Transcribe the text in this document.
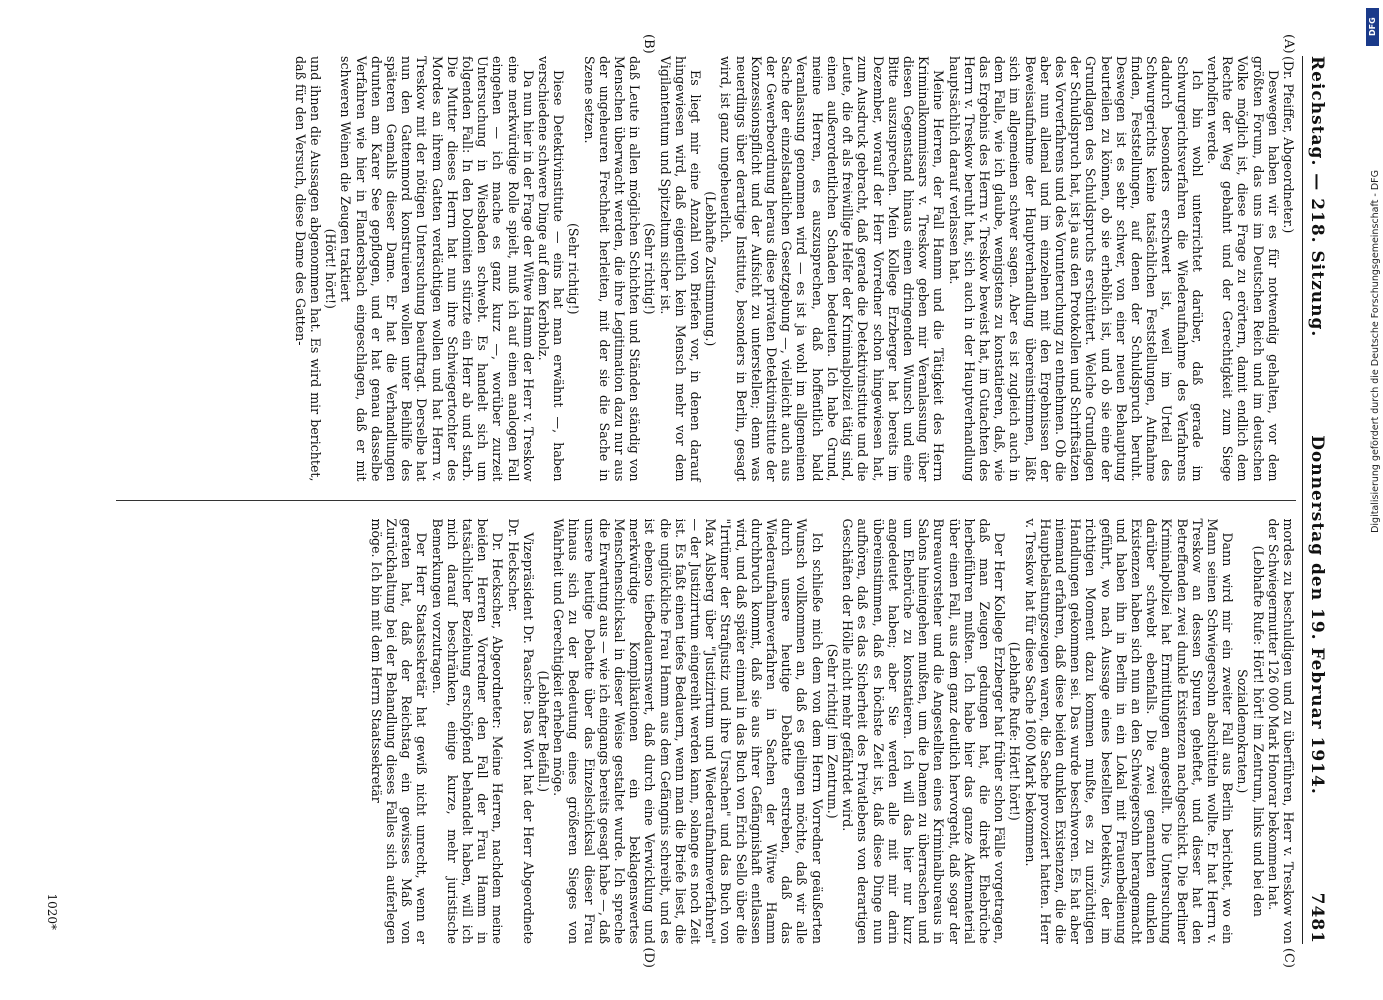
Digitalisierung gefördert durch die Deutsche Forschungsgemeinschaft - DFG
DFG
Reichstag. — 218. Sitzung.
Donnerstag den 19. Februar 1914.
7481

(Dr. Pfeiffer, Abgeordneter.)

Deswegen haben wir es für notwendig gehalten, vor dem größten Forum, das uns im Deutschen Reich und im deutschen Volke möglich ist, diese Frage zu erörtern, damit endlich dem Rechte der Weg gebahnt und der Gerechtigkeit zum Siege verholfen werde.

Ich bin wohl unterrichtet darüber, daß gerade im Schwurgerichtsverfahren die Wiederaufnahme des Verfahrens dadurch besonders erschwert ist, weil im Urteil des Schwurgerichts keine tatsächlichen Feststellungen, Aufnahme finden, Feststellungen, auf denen der Schuldspruch beruht. Deswegen ist es sehr schwer, von einer neuen Behauptung beurteilen zu können, ob sie erheblich ist, und ob sie eine der Grundlagen des Schuldspruchs erschüttert. Welche Grundlagen der Schuldspruch hat, ist ja aus den Protokollen und Schriftsätzen des Vorverfahrens und des Vorunteruchung zu entnehmen. Ob die aber nun allemal und im einzelnen mit den Ergebnissen der Beweisaufnahme der Hauptverhandlung übereinstimmen, läßt sich im allgemeinen schwer sagen. Aber es ist zugleich auch in dem Falle, wie ich glaube, wenigstens zu konstatieren, daß, wie das Ergebnis des Herrn v. Treskow beweist hat, im Gutachten des Herrn v. Treskow beruht hat, sich auch in der Hauptverhandlung hauptsächlich darauf verlassen hat.

Meine Herren, der Fall Hamm und die Tätigkeit des Herrn Kriminalkommissars v. Treskow geben mir Veranlassung über diesen Gegenstand hinaus einen dringenden Wunsch und eine Bitte auszusprechen. Mein Kollege Erzberger hat bereits im Dezember, worauf der Herr Vorredner schon hingewiesen hat, zum Ausdruck gebracht, daß gerade die Detektivinstitute und die Leute, die oft als freiwillige Helfer der Kriminalpolizei tätig sind, einen außerordentlichen Schaden bedeuten. Ich habe Grund, meine Herren, es auszusprechen, daß hoffentlich bald Veranlassung genommen wird — es ist ja wohl im allgemeinen Sache der einzelstaatlichen Gesetzgebung —, vielleicht auch aus der Gewerbeordnung heraus diese privaten Detektivinstitute der Konzessionspflicht und der Aufsicht zu unterstellen; denn was neuerdings über derartige Institute, besonders in Berlin, gesagt wird, ist ganz ungeheuerlich.

(Lebhafte Zustimmung.)

Es liegt mir eine Anzahl von Briefen vor, in denen darauf hingewiesen wird, daß eigentlich kein Mensch mehr vor dem Vigilantentum und Spitzeltum sicher ist.

(Sehr richtig!)

daß Leute in allen möglichen Schichten und Ständen ständig von Menschen überwacht werden, die ihre Legitimation dazu nur aus der ungeheuren Frechheit herleiten, mit der sie die Sache in Szene setzen.

(Sehr richtig!)

Diese Detektivinstitute — eins hat man erwähnt —, haben verschiedene schwere Dinge auf dem Kerbholz.

Da nun hier in der Frage der Witwe Hamm der Herr v. Treskow eine merkwürdige Rolle spielt, muß ich auf einen analogen Fall eingehen — ich mache es ganz kurz —, worüber zurzeit Untersuchung in Wiesbaden schwebt. Es handelt sich um folgenden Fall: In den Dolomiten stürzte ein Herr ab und starb. Die Mutter dieses Herrn hat nun ihre Schwiegertochter des Mordes an ihrem Gatten verdächtigen wollen und hat Herrn v. Treskow mit der nötigen Untersuchung beauftragt. Derselbe hat nun den Gattenmord konstruieren wollen unter Beihilfe des späteren Gemahls dieser Dame. Er hat die Verhandlungen drunten am Karer See gepflogen, und er hat genau dasselbe Verfahren wie hier in Flandersbach eingeschlagen, daß er mit schweren Weinen die Zeugen traktiert

(Hört! hört!)

und ihnen die Aussagen abgenommen hat. Es wird mir berichtet, daß für den Versuch, diese Dame des Gatten-

(A)
(B)

mordes zu beschuldigen und zu überführen, Herr v. Treskow von der Schwiegermutter 126 000 Mark Honorar bekommen hat.

(Lebhafte Rufe: Hört! hört! im Zentrum, links und bei den Sozialdemokraten.)

Dann wird mir ein zweiter Fall aus Berlin berichtet, wo ein Mann seinen Schwiegersohn abschütteln wollte. Er hat Herrn v. Treskow an dessen Spuren geheftet, und dieser hat den Betreffenden zwei dunkle Existenzen nachgeschickt. Die Berliner Kriminalpolizei hat Ermittlungen angestellt. Die Untersuchung darüber schwebt ebenfalls. Die zwei genannten dunklen Existenzen haben sich nun an den Schwiegersohn herangemacht und haben ihn in Berlin in ein Lokal mit Frauenbedienung geführt, wo nach Aussage eines bestellten Detektivs, der im richtigen Moment dazu kommen mußte, es zu unzüchtigen Handlungen gekommen sei. Das wurde beschworen. Es hat aber niemand erfahren, daß diese beiden dunklen Existenzen, die die Hauptbelastungszeugen waren, die Sache provoziert hatten. Herr v. Treskow hat für diese Sache 1600 Mark bekommen.

(Lebhafte Rufe: Hört! hört!)

Der Herr Kollege Erzberger hat früher schon Fälle vorgetragen, daß man Zeugen gedungen hat, die direkt Ehebrüche herbeiführen mußten. Ich habe hier das ganze Aktenmaterial über einen Fall, aus dem ganz deutlich hervorgeht, daß sogar der Bureauvorsteher und die Angestellten eines Kriminalbureaus in Salons hineingehen mußten, um die Damen zu überraschen und um Ehebrüche zu konstatieren. Ich will das hier nur kurz angedeutet haben; aber Sie werden alle mit mir darin übereinstimmen, daß es höchste Zeit ist, daß diese Dinge nun aufhören, daß es das Sicherheit des Privatlebens von derartigen Geschäften der Hölle nicht mehr gefährdet wird.

(Sehr richtig! im Zentrum.)

Ich schließe mich dem von dem Herrn Vorredner geäußerten Wunsch vollkommen an, daß es gelingen möchte, daß wir alle durch unsere heutige Debatte erstreben, daß das Wiederaufnahmeverfahren in Sachen der Witwe Hamm durchbruch kommt, daß sie aus ihrer Gefängnishaft entlassen wird, und daß später einmal in das Buch von Erich Sello über die "Irrtümer der Strafjustiz und ihre Ursachen" und das Buch von Max Alsberg über "Justizirrtum und Wiederaufnahmeverfahren" — der Justizirrtum eingereiht werden kann, solange es noch Zeit ist. Es faßt einen tiefes Bedauern, wenn man die Briefe liest, die die unglückliche Frau Hamm aus dem Gefängnis schreibt, und es ist ebenso tiefbedauernswert, daß durch eine Verwicklung und merkwürdige Komplikationen ein beklagenswertes Menschenschicksal in dieser Weise gestaltet wurde. Ich spreche die Erwartung aus — wie ich eingangs bereits gesagt habe —, daß unsere heutige Debatte über das Einzelschicksal dieser Frau hinaus sich zu der Bedeutung eines größeren Sieges von Wahrheit und Gerechtigkeit erheben möge.

(Lebhafter Beifall.)

Vizepräsident Dr. Paasche: Das Wort hat der Herr Abgeordnete Dr. Heckscher.

Dr. Heckscher, Abgeordneter: Meine Herren, nachdem meine beiden Herren Vorredner den Fall der Frau Hamm in tatsächlicher Beziehung erschöpfend behandelt haben, will ich mich darauf beschränken, einige kurze, mehr juristische Bemerkungen vorzutragen.

Der Herr Staatssekretär hat gewiß nicht unrecht, wenn er geraten hat, daß der Reichstag ein gewisses Maß von Zurückhaltung bei der Behandlung dieses Falles sich auferlegen möge. Ich bin mit dem Herrn Staatssekretär

(C)
(D)
1020*
